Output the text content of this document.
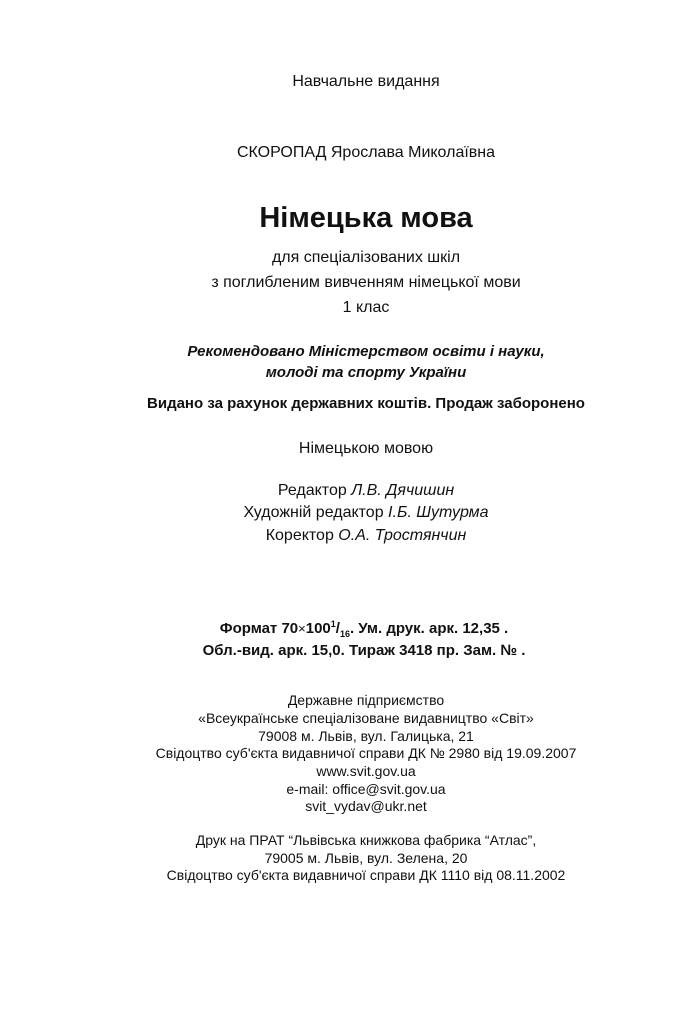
Навчальне видання
СКОРОПАД Ярослава Миколаївна
Німецька мова
для спеціалізованих шкіл
з поглибленим вивченням німецької мови
1 клас
Рекомендовано Міністерством освіти і науки,
молоді та спорту України
Видано за рахунок державних коштів. Продаж заборонено
Німецькою мовою
Редактор Л.В. Дячишин
Художній редактор І.Б. Шутурма
Коректор О.А. Тростянчин
Формат $70\times 100^1/_{16}$. Ум. друк. арк. 12,35 .
Обл.-вид. арк. 15,0. Тираж 3418 пр. Зам. № .
Державне підприємство
«Всеукраїнське спеціалізоване видавництво «Світ»
79008 м. Львів, вул. Галицька, 21
Свідоцтво суб'єкта видавничої справи ДК № 2980 від 19.09.2007
www.svit.gov.ua
e-mail: office@svit.gov.ua
svit_vydav@ukr.net
Друк на ПРАТ “Львівська книжкова фабрика “Атлас”,
79005 м. Львів, вул. Зелена, 20
Свідоцтво суб'єкта видавничої справи ДК 1110 від 08.11.2002
